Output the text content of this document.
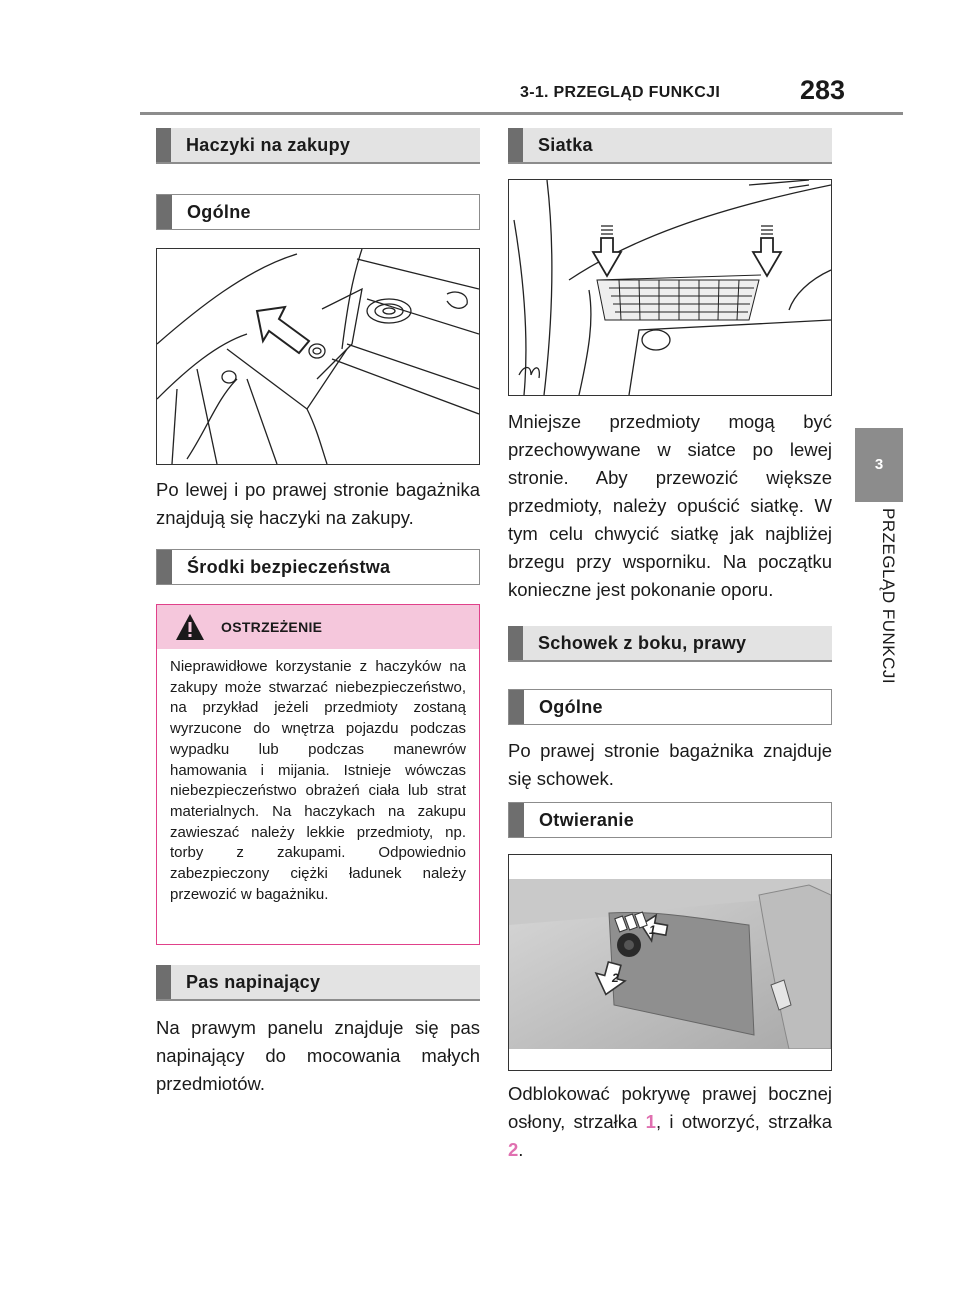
3-1. PRZEGLĄD FUNKCJI	283
3
PRZEGLĄD FUNKCJI
Haczyki na zakupy
Ogólne
Po lewej i po prawej stronie bagażnika znajdują się haczyki na zakupy.
Środki bezpieczeństwa
OSTRZEŻENIE
Nieprawidłowe korzystanie z haczyków na zakupy może stwarzać niebezpieczeństwo, na przykład jeżeli przedmioty zostaną wyrzucone do wnętrza pojazdu podczas wypadku lub podczas manewrów hamowania i mijania. Istnieje wówczas niebezpieczeństwo obrażeń ciała lub strat materialnych. Na haczykach na zakupu zawieszać należy lekkie przedmioty, np. torby z zakupami. Odpowiednio zabezpieczony ciężki ładunek należy przewozić w bagażniku.
Pas napinający
Na prawym panelu znajduje się pas napinający do mocowania małych przedmiotów.
Siatka
Mniejsze przedmioty mogą być przechowywane w siatce po lewej stronie. Aby przewozić większe przedmioty, należy opuścić siatkę. W tym celu chwycić siatkę jak najbliżej brzegu przy wsporniku. Na początku konieczne jest pokonanie oporu.
Schowek z boku, prawy
Ogólne
Po prawej stronie bagażnika znajduje się schowek.
Otwieranie
1
2
Odblokować pokrywę prawej bocznej osłony, strzałka 1, i otworzyć, strzałka 2.
